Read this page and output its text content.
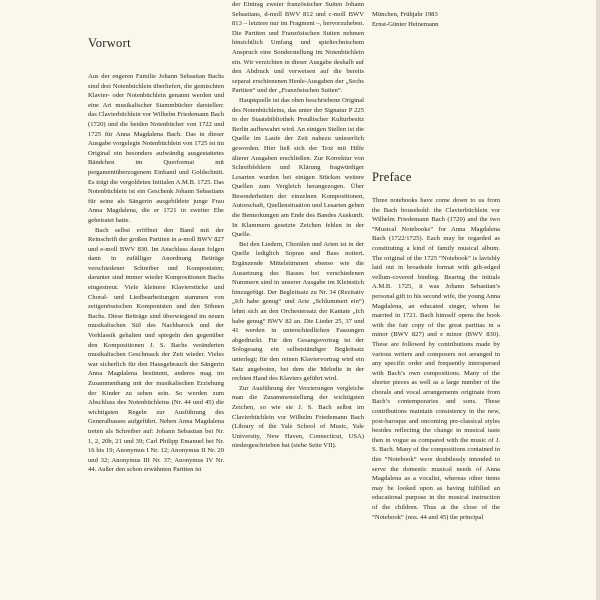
Vorwort

Aus der engeren Familie Johann Sebastian Bachs sind drei Notenbüchlein überliefert, die gemischten Klavier- oder Notenbüchlein genannt werden und eine Art musikalischer Stammbücher darstellen: das Clavierbüchlein vor Wilhelm Friedemann Bach (1720) und die beiden Notenbücher von 1722 und 1725 für Anna Magdalena Bach. Das in dieser Ausgabe vorgelegte Notenbüchlein von 1725 ist im Original ein besonders aufwändig ausgestattetes Bändchen im Querformat mit pergamentüberzogenem Einband und Goldschnitt. Es trägt die vergoldeten Initialen A.M.B. 1725. Das Notenbüchlein ist ein Geschenk Johann Sebastians für seine als Sängerin ausgebildete junge Frau Anna Magdalena, die er 1721 in zweiter Ehe geheiratet hatte.

Bach selbst eröffnet den Band mit der Reinschrift der großen Partiten in a-moll BWV 827 und e-moll BWV 830. Im Anschluss daran folgen dann in zufälliger Anordnung Beiträge verschiedener Schreiber und Komponisten; darunter sind immer wieder Kompositionen Bachs eingestreut. Viele kleinere Klavierstücke und Choral- und Liedbearbeitungen stammen von zeitgenössischen Komponisten und den Söhnen Bachs. Diese Beiträge sind überwiegend im neuen musikalischen Stil des Nachbarock und der Vorklassik gehalten und spiegeln den gegenüber den Kompositionen J. S. Bachs veränderten musikalischen Geschmack der Zeit wieder. Vieles war sicherlich für den Hausgebrauch der Sängerin Anna Magdalena bestimmt, anderes mag im Zusammenhang mit der musikalischen Erziehung der Kinder zu sehen sein. So werden zum Abschluss des Notenbüchleins (Nr. 44 und 45) die wichtigsten Regeln zur Ausführung des Generalbasses aufgeführt. Neben Anna Magdalena treten als Schreiber auf: Johann Sebastian bei Nr. 1, 2, 20b, 21 und 39; Carl Philipp Emanuel bei Nr. 16 bis 19; Anonymus I Nr. 12; Anonymus II Nr. 20 und 32; Anonymus III Nr. 37; Anonymus IV Nr. 44. Außer den schon erwähnten Partiten ist

der Eintrag zweier französischer Suiten Johann Sebastians, d-moll BWV 812 und c-moll BWV 813 – letztere nur im Fragment –, hervorzuheben. Die Partiten und Französischen Suiten nehmen hinsichtlich Umfang und spieltechnischem Anspruch eine Sonderstellung im Notenbüchlein ein. Wir verzichten in dieser Ausgabe deshalb auf den Abdruck und verweisen auf die bereits separat erschienenen Henle-Ausgaben der „Sechs Partiten“ und der „Französischen Suiten“.

Hauptquelle ist das oben beschriebene Original des Notenbüchleins, das unter der Signatur P 225 in der Staatsbibliothek Preußischer Kulturbesitz Berlin aufbewahrt wird. An einigen Stellen ist die Quelle im Laufe der Zeit nahezu unleserlich geworden. Hier ließ sich der Text mit Hilfe älterer Ausgaben erschließen. Zur Korrektur von Schreibfehlern und Klärung fragwürdiger Lesarten wurden bei einigen Stücken weitere Quellen zum Vergleich herangezogen. Über Besonderheiten der einzelnen Kompositionen, Autorschaft, Quellensituation und Lesarten geben die Bemerkungen am Ende des Bandes Auskunft. In Klammern gesetzte Zeichen fehlen in der Quelle.

Bei den Liedern, Chorälen und Arien ist in der Quelle lediglich Sopran und Bass notiert. Ergänzende Mittelstimmen ebenso wie die Aussetzung des Basses bei verschiedenen Nummern sind in unserer Ausgabe im Kleinstich hinzugefügt. Der Begleitsatz zu Nr. 34 (Rezitativ „Ich habe genug“ und Arie „Schlummert ein“) lehnt sich an den Orchestersatz der Kantate „Ich habe genug“ BWV 82 an. Die Lieder 25, 37 und 41 werden in unterschiedlichen Fassungen abgedruckt. Für den Gesangsvortrag ist der Sologesang ein selbstständiger Begleitsatz unterlegt; für den reinen Klaviervortrag wird ein Satz angeboten, bei dem die Melodie in der rechten Hand des Klaviers geführt wird.

Zur Ausführung der Verzierungen vergleiche man die Zusammenstellung der wichtigsten Zeichen, so wie sie J. S. Bach selbst im Clavierbüchlein vor Wilhelm Friedemann Bach (Library of the Yale School of Music, Yale University, New Haven, Connecticut, USA) niedergeschrieben hat (siehe Seite VII).

München, Frühjahr 1983
Ernst-Günter Heinemann
Preface

Three notebooks have come down to us from the Bach household: the Clavierbüchlein vor Wilhelm Friedemann Bach (1720) and the two “Musical Notebooks” for Anna Magdalena Bach (1722/1725). Each may be regarded as constituting a kind of family musical album. The original of the 1725 “Notebook” is lavishly laid out in broadside format with gilt-edged vellum-covered binding. Bearing the initials A.M.B. 1725, it was Johann Sebastian’s personal gift to his second wife, the young Anna Magdalena, an educated singer, whom he married in 1721. Bach himself opens the book with the fair copy of the great partitas in a minor (BWV 827) and e minor (BWV 830). These are followed by contributions made by various writers and composers not arranged in any specific order and frequently interspersed with Bach’s own compositions. Many of the shorter pieces as well as a large number of the chorale and vocal arrangements originate from Bach’s contemporaries and sons. These contributions maintain consistency in the new, post-baroque and oncoming pre-classical styles besides reflecting the change in musical taste then in vogue as compared with the music of J. S. Bach. Many of the compositions contained in this “Notebook” were doubtlessly intended to serve the domestic musical needs of Anna Magdalena as a vocalist, whereas other items may be looked upon as having fulfilled an educational purpose in the musical instruction of the children. Thus at the close of the “Notebook” (nos. 44 and 45) the principal
